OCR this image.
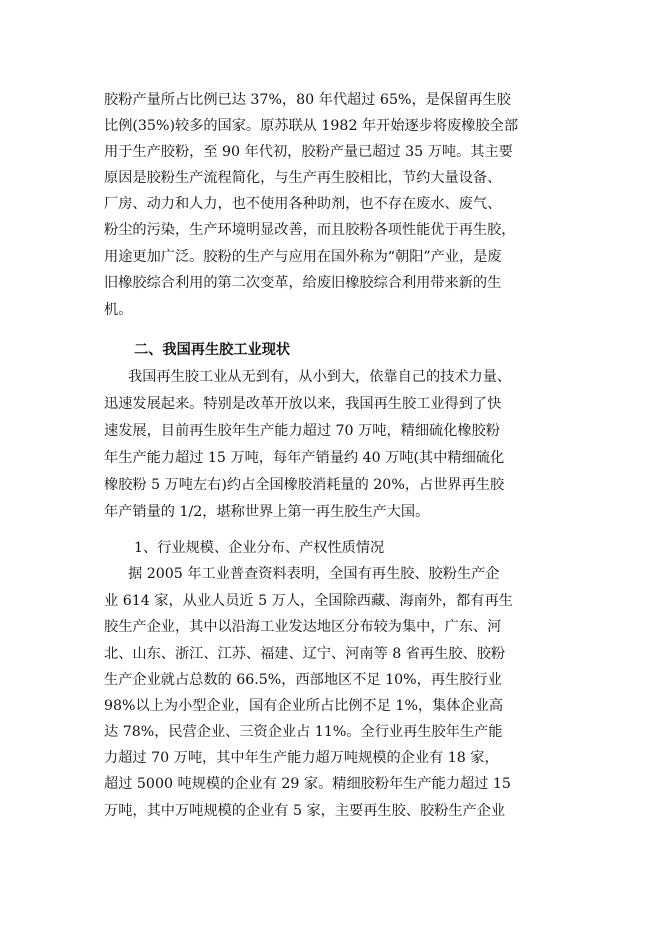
胶粉产量所占比例已达 37%，80 年代超过 65%，是保留再生胶

比例(35%)较多的国家。原苏联从 1982 年开始逐步将废橡胶全部

用于生产胶粉，至 90 年代初，胶粉产量已超过 35 万吨。其主要

原因是胶粉生产流程简化，与生产再生胶相比，节约大量设备、

厂房、动力和人力，也不使用各种助剂，也不存在废水、废气、

粉尘的污染，生产环境明显改善，而且胶粉各项性能优于再生胶，

用途更加广泛。胶粉的生产与应用在国外称为“朝阳”产业，是废

旧橡胶综合利用的第二次变革，给废旧橡胶综合利用带来新的生

机。

二、我国再生胶工业现状

我国再生胶工业从无到有，从小到大，依靠自己的技术力量、

迅速发展起来。特别是改革开放以来，我国再生胶工业得到了快

速发展，目前再生胶年生产能力超过 70 万吨，精细硫化橡胶粉

年生产能力超过 15 万吨，每年产销量约 40 万吨(其中精细硫化

橡胶粉 5 万吨左右)约占全国橡胶消耗量的 20%，占世界再生胶

年产销量的 1/2，堪称世界上第一再生胶生产大国。

1、行业规模、企业分布、产权性质情况

据 2005 年工业普查资料表明，全国有再生胶、胶粉生产企

业 614 家，从业人员近 5 万人，全国除西藏、海南外，都有再生

胶生产企业，其中以沿海工业发达地区分布较为集中，广东、河

北、山东、浙江、江苏、福建、辽宁、河南等 8 省再生胶、胶粉

生产企业就占总数的 66.5%，西部地区不足 10%，再生胶行业

98%以上为小型企业，国有企业所占比例不足 1%，集体企业高

达 78%，民营企业、三资企业占 11%。全行业再生胶年生产能

力超过 70 万吨，其中年生产能力超万吨规模的企业有 18 家，

超过 5000 吨规模的企业有 29 家。精细胶粉年生产能力超过 15

万吨，其中万吨规模的企业有 5 家，主要再生胶、胶粉生产企业
